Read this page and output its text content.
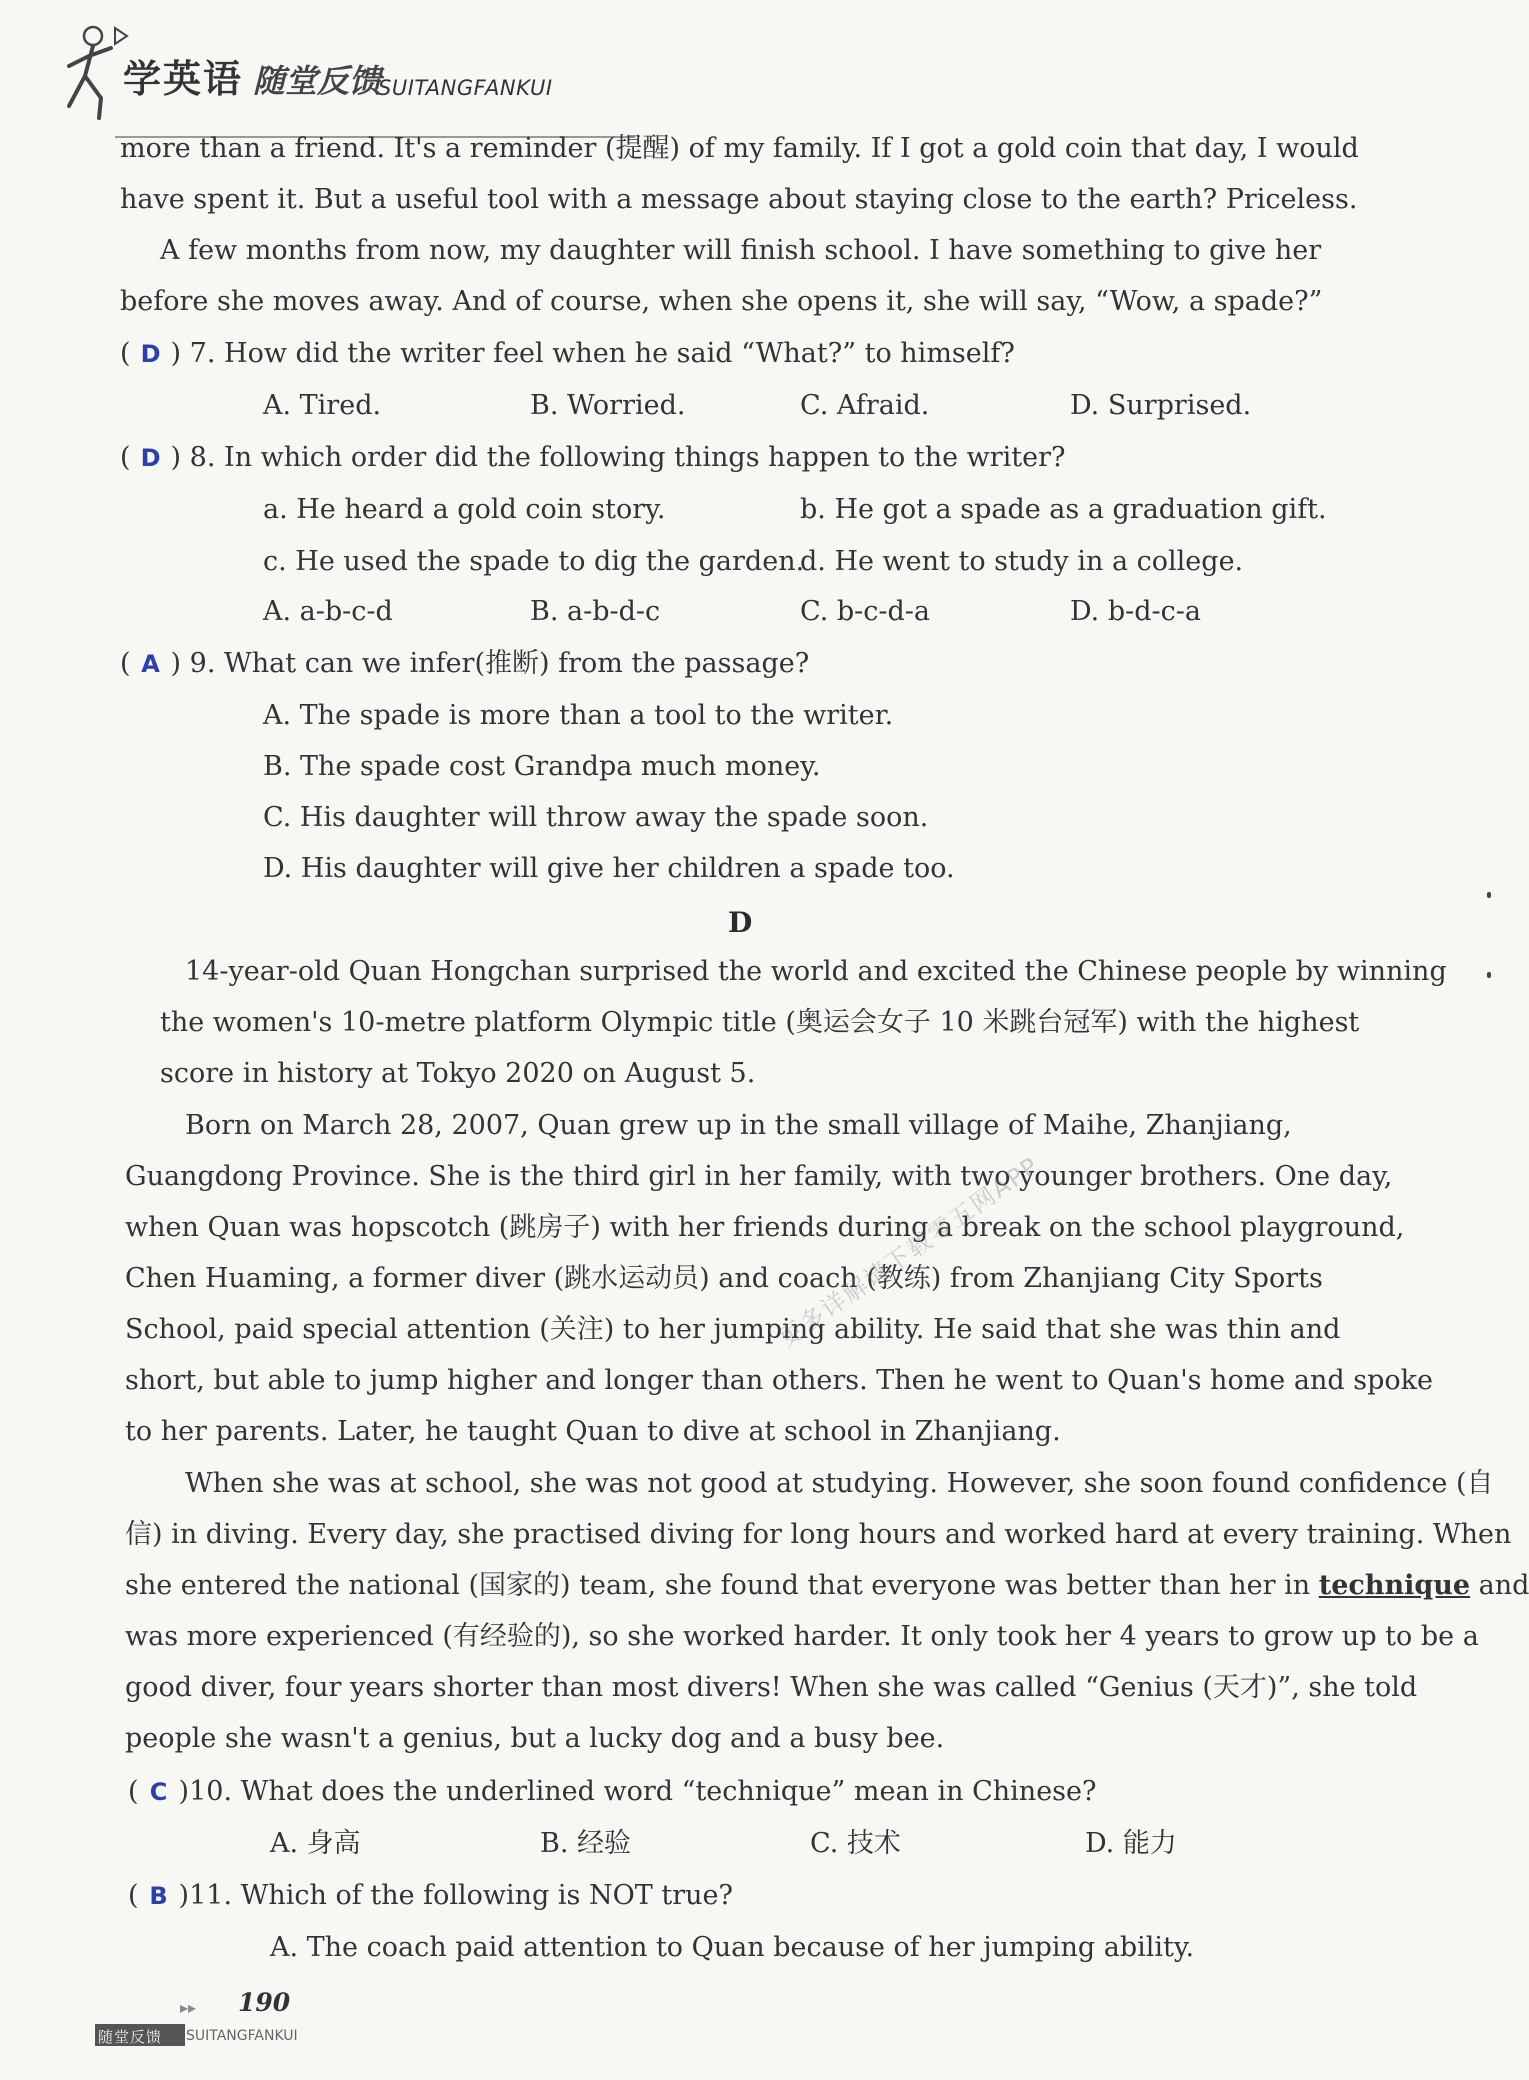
学英语 随堂反馈
SUITANGFANKUI
more than a friend. It's a reminder (提醒) of my family. If I got a gold coin that day, I would
have spent it. But a useful tool with a message about staying close to the earth? Priceless.
A few months from now, my daughter will finish school. I have something to give her
before she moves away. And of course, when she opens it, she will say, “Wow, a spade?”
( D ) 7. How did the writer feel when he said “What?” to himself?
A. Tired.	B. Worried.	C. Afraid.	D. Surprised.
( D ) 8. In which order did the following things happen to the writer?
a. He heard a gold coin story.	b. He got a spade as a graduation gift.
c. He used the spade to dig the garden.
d. He went to study in a college.
A. a-b-c-d	B. a-b-d-c	C. b-c-d-a	D. b-d-c-a
( A ) 9. What can we infer(推断) from the passage?
A. The spade is more than a tool to the writer.
B. The spade cost Grandpa much money.
C. His daughter will throw away the spade soon.
D. His daughter will give her children a spade too.
D
14-year-old Quan Hongchan surprised the world and excited the Chinese people by winning
the women's 10-metre platform Olympic title (奥运会女子 10 米跳台冠军) with the highest
score in history at Tokyo 2020 on August 5.
Born on March 28, 2007, Quan grew up in the small village of Maihe, Zhanjiang,
Guangdong Province. She is the third girl in her family, with two younger brothers. One day,
when Quan was hopscotch (跳房子) with her friends during a break on the school playground,
Chen Huaming, a former diver (跳水运动员) and coach (教练) from Zhanjiang City Sports
School, paid special attention (关注) to her jumping ability. He said that she was thin and
short, but able to jump higher and longer than others. Then he went to Quan's home and spoke
to her parents. Later, he taught Quan to dive at school in Zhanjiang.
When she was at school, she was not good at studying. However, she soon found confidence (自
信) in diving. Every day, she practised diving for long hours and worked hard at every training. When
she entered the national (国家的) team, she found that everyone was better than her in technique and
was more experienced (有经验的), so she worked harder. It only took her 4 years to grow up to be a
good diver, four years shorter than most divers! When she was called “Genius (天才)”, she told
people she wasn't a genius, but a lucky dog and a busy bee.
( C )10. What does the underlined word “technique” mean in Chinese?
A. 身高	B. 经验	C. 技术	D. 能力
( B )11. Which of the following is NOT true?
A. The coach paid attention to Quan because of her jumping ability.
更多详解请下载零五网APP
▸▸ 190
随堂反馈 SUITANGFANKUI
